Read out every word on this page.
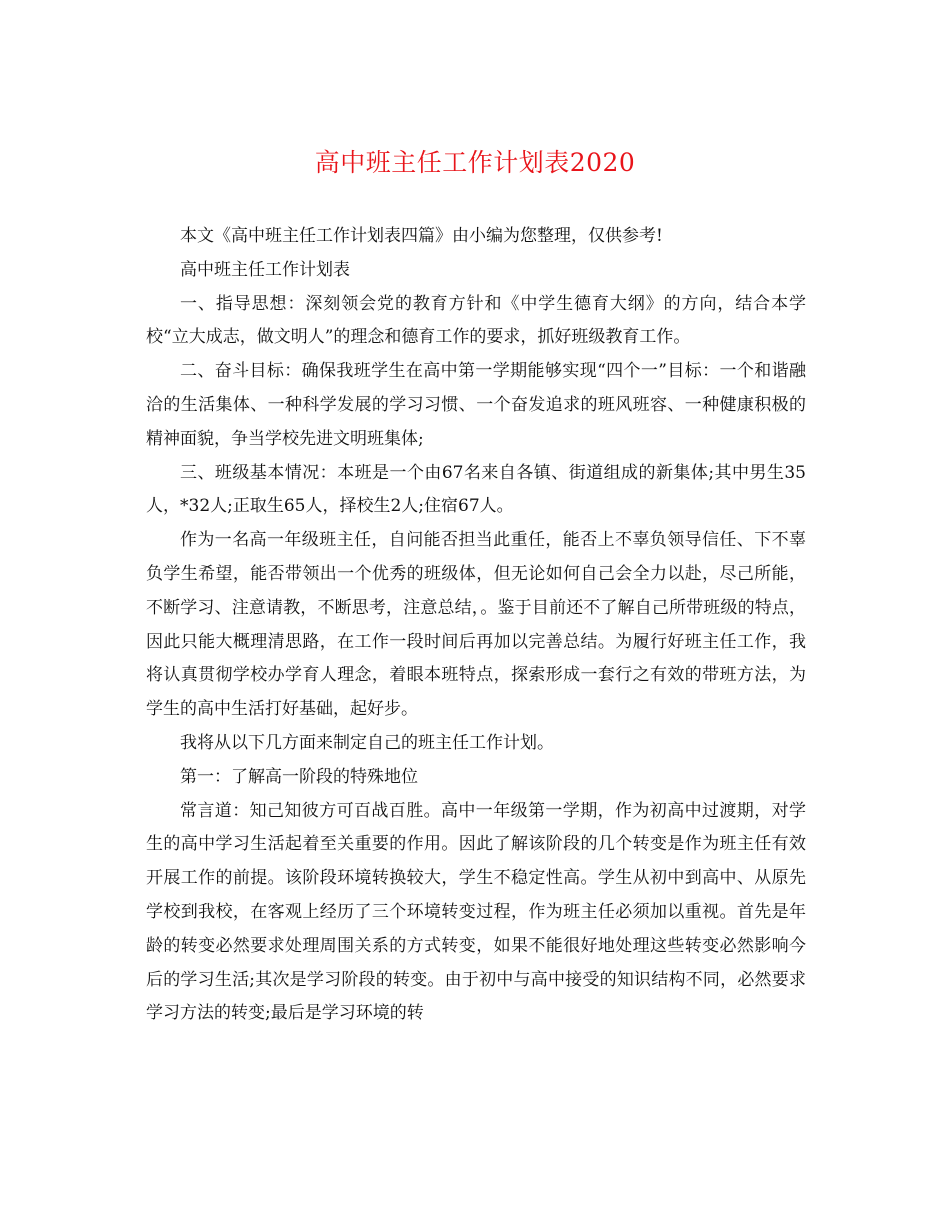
高中班主任工作计划表2020

本文《高中班主任工作计划表四篇》由小编为您整理，仅供参考!

高中班主任工作计划表

一、指导思想：深刻领会党的教育方针和《中学生德育大纲》的方向，结合本学校“立大成志，做文明人”的理念和德育工作的要求，抓好班级教育工作。

二、奋斗目标：确保我班学生在高中第一学期能够实现“四个一”目标：一个和谐融洽的生活集体、一种科学发展的学习习惯、一个奋发追求的班风班容、一种健康积极的精神面貌，争当学校先进文明班集体;

三、班级基本情况：本班是一个由67名来自各镇、街道组成的新集体;其中男生35人，*32人;正取生65人，择校生2人;住宿67人。

作为一名高一年级班主任，自问能否担当此重任，能否上不辜负领导信任、下不辜负学生希望，能否带领出一个优秀的班级体，但无论如何自己会全力以赴，尽己所能，不断学习、注意请教，不断思考，注意总结，。鉴于目前还不了解自己所带班级的特点，因此只能大概理清思路，在工作一段时间后再加以完善总结。为履行好班主任工作，我将认真贯彻学校办学育人理念，着眼本班特点，探索形成一套行之有效的带班方法，为学生的高中生活打好基础，起好步。

我将从以下几方面来制定自己的班主任工作计划。

第一：了解高一阶段的特殊地位

常言道：知己知彼方可百战百胜。高中一年级第一学期，作为初高中过渡期，对学生的高中学习生活起着至关重要的作用。因此了解该阶段的几个转变是作为班主任有效开展工作的前提。该阶段环境转换较大，学生不稳定性高。学生从初中到高中、从原先学校到我校，在客观上经历了三个环境转变过程，作为班主任必须加以重视。首先是年龄的转变必然要求处理周围关系的方式转变，如果不能很好地处理这些转变必然影响今后的学习生活;其次是学习阶段的转变。由于初中与高中接受的知识结构不同，必然要求学习方法的转变;最后是学习环境的转
